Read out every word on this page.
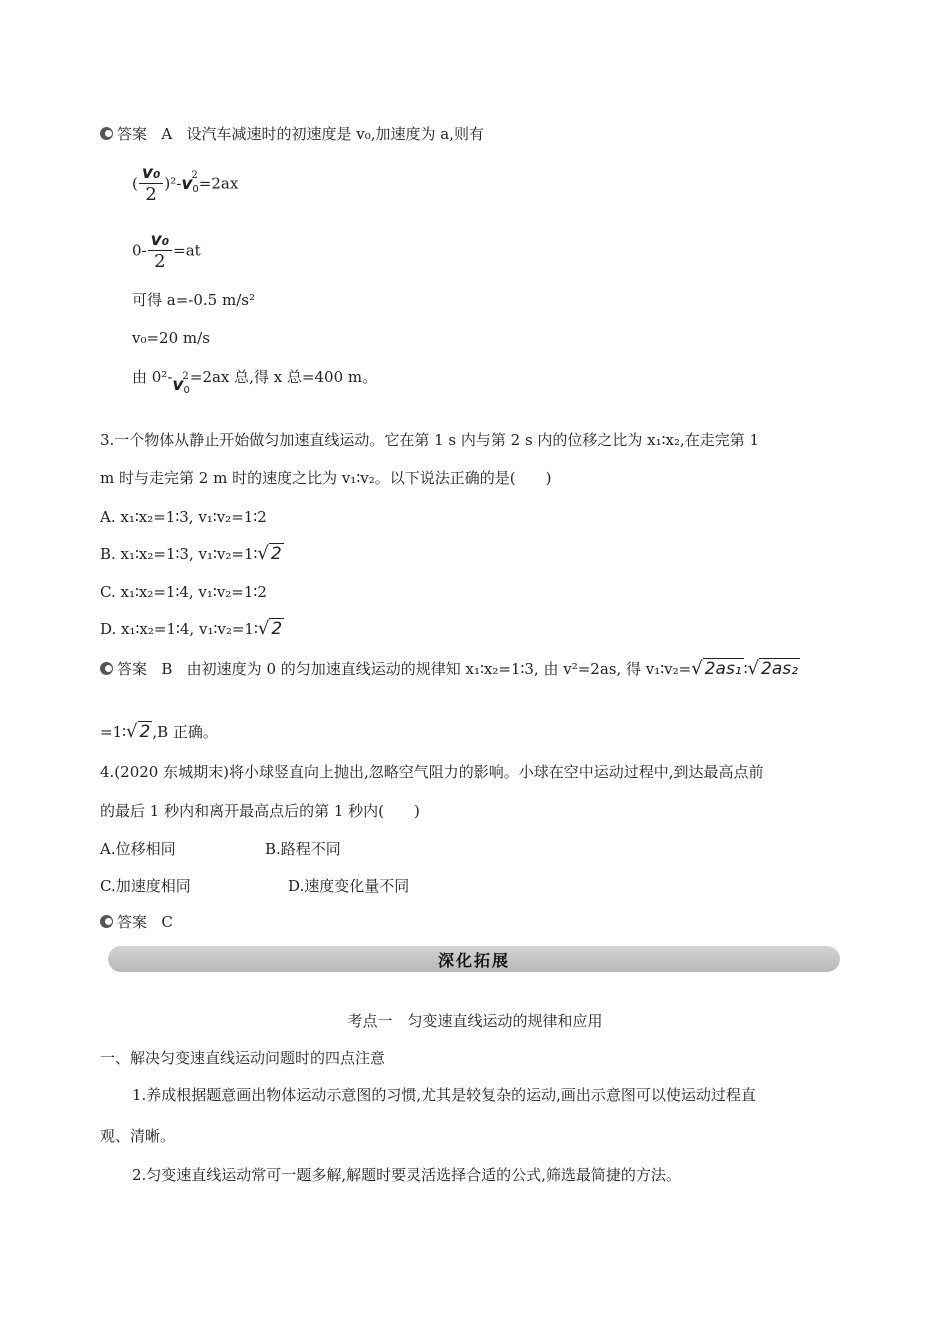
答案 A 设汽车减速时的初速度是 v₀,加速度为 a,则有
( $\frac{\text{v₀}}{2} )^2-v_0$
2 =2ax
$0- \frac{\text{v₀}}{2} =at$
可得 a=-0.5 m/s²
v₀=20 m/s
由 $0^2-v_0$
2 =2ax 总,得 x 总=400 m。
3.一个物体从静止开始做匀加速直线运动。它在第 1 s 内与第 2 s 内的位移之比为 x₁∶x₂,在走完第 1
m 时与走完第 2 m 时的速度之比为 v₁∶v₂。以下说法正确的是(　　)
A. x₁∶x₂=1∶3, v₁∶v₂=1∶2
B. x₁∶x₂=1∶3, v₁∶v₂=1∶√ 2
C. x₁∶x₂=1∶4, v₁∶v₂=1∶2
D. x₁∶x₂=1∶4, v₁∶v₂=1∶√ 2
答案 B 由初速度为 0 的匀加速直线运动的规律知 x₁∶x₂=1∶3, 由 v²=2as, 得 v₁∶v₂=√ 2as₁ ∶√ 2as₂
=1∶√ 2 ,B 正确。
4.(2020 东城期末)将小球竖直向上抛出,忽略空气阻力的影响。小球在空中运动过程中,到达最高点前
的最后 1 秒内和离开最高点后的第 1 秒内(　　)
A.位移相同	B.路程不同
C.加速度相同	D.速度变化量不同
答案 C
深化拓展
考点一　匀变速直线运动的规律和应用
一、解决匀变速直线运动问题时的四点注意
1.养成根据题意画出物体运动示意图的习惯,尤其是较复杂的运动,画出示意图可以使运动过程直
观、清晰。
2.匀变速直线运动常可一题多解,解题时要灵活选择合适的公式,筛选最简捷的方法。
